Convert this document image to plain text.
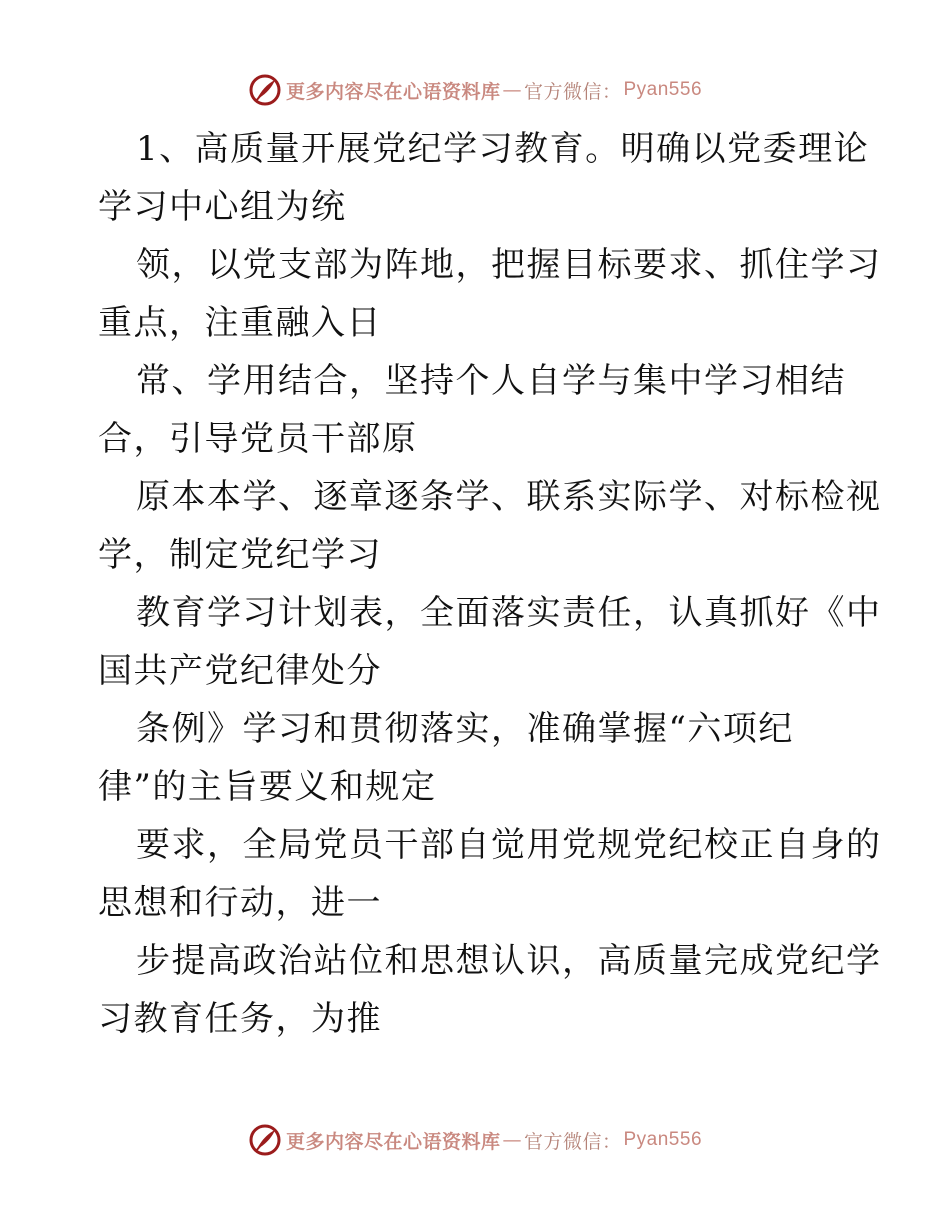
更多内容尽在心语资料库 — 官方微信： Pyan556
1、高质量开展党纪学习教育。明确以党委理论
学习中心组为统
领，以党支部为阵地，把握目标要求、抓住学习
重点，注重融入日
常、学用结合，坚持个人自学与集中学习相结
合，引导党员干部原
原本本学、逐章逐条学、联系实际学、对标检视
学，制定党纪学习
教育学习计划表，全面落实责任，认真抓好《中
国共产党纪律处分
条例》学习和贯彻落实，准确掌握“六项纪
律”的主旨要义和规定
要求，全局党员干部自觉用党规党纪校正自身的
思想和行动，进一
步提高政治站位和思想认识，高质量完成党纪学
习教育任务，为推
更多内容尽在心语资料库 — 官方微信： Pyan556
